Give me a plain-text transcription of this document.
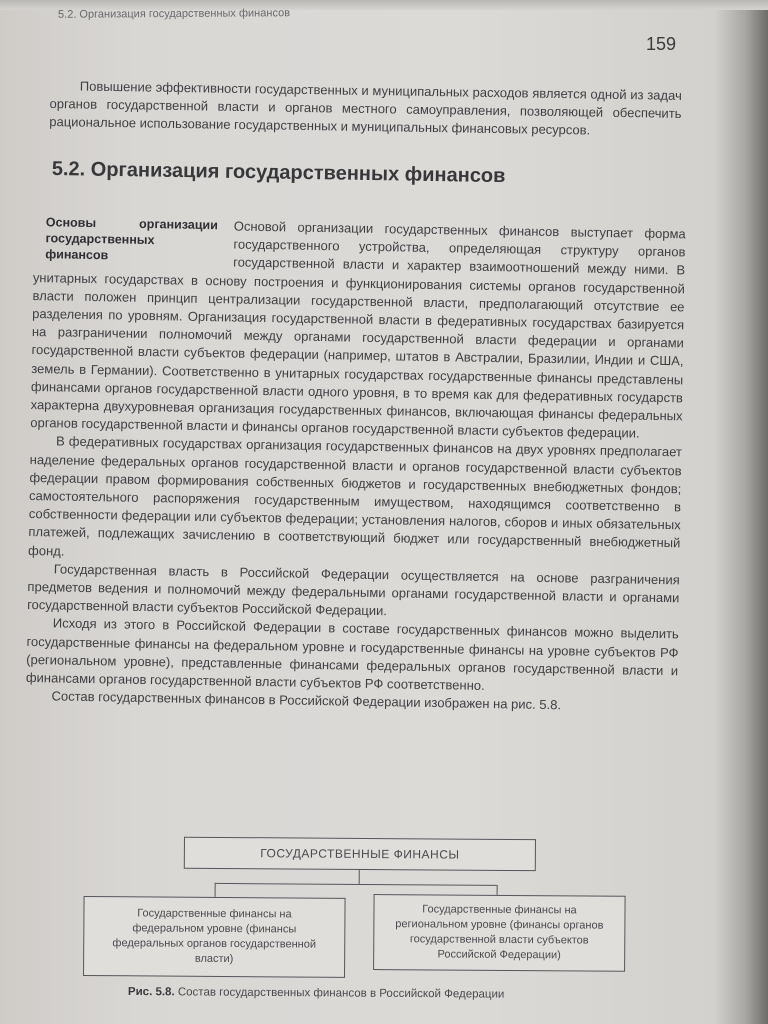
5.2. Организация государственных финансов
159

Повышение эффективности государственных и муниципальных расходов является одной из задач органов государственной власти и органов местного самоуправления, позволяющей обеспечить рациональное использование государственных и муниципальных финансовых ресурсов.

5.2. Организация государственных финансов
Основы организации государственных финансов

Основой организации государственных финансов выступает форма государственного устройства, определяющая структуру органов государственной власти и характер взаимоотношений между ними. В унитарных государствах в основу построения и функционирования системы органов государственной власти положен принцип централизации государственной власти, предполагающий отсутствие ее разделения по уровням. Организация государственной власти в федеративных государствах базируется на разграничении полномочий между органами государственной власти федерации и органами государственной власти субъектов федерации (например, штатов в Австралии, Бразилии, Индии и США, земель в Германии). Соответственно в унитарных государствах государственные финансы представлены финансами органов государственной власти одного уровня, в то время как для федеративных государств характерна двухуровневая организация государственных финансов, включающая финансы федеральных органов государственной власти и финансы органов государственной власти субъектов федерации.

В федеративных государствах организация государственных финансов на двух уровнях предполагает наделение федеральных органов государственной власти и органов государственной власти субъектов федерации правом формирования собственных бюджетов и государственных внебюджетных фондов; самостоятельного распоряжения государственным имуществом, находящимся соответственно в собственности федерации или субъектов федерации; установления налогов, сборов и иных обязательных платежей, подлежащих зачислению в соответствующий бюджет или государственный внебюджетный фонд.

Государственная власть в Российской Федерации осуществляется на основе разграничения предметов ведения и полномочий между федеральными органами государственной власти и органами государственной власти субъектов Российской Федерации.

Исходя из этого в Российской Федерации в составе государственных финансов можно выделить государственные финансы на федеральном уровне и государственные финансы на уровне субъектов РФ (региональном уровне), представленные финансами федеральных органов государственной власти и финансами органов государственной власти субъектов РФ соответственно.

Состав государственных финансов в Российской Федерации изображен на рис. 5.8.

ГОСУДАРСТВЕННЫЕ ФИНАНСЫ
Государственные финансы на федеральном уровне (финансы федеральных органов государственной власти)
Государственные финансы на региональном уровне (финансы органов государственной власти субъектов Российской Федерации)
Рис. 5.8. Состав государственных финансов в Российской Федерации
